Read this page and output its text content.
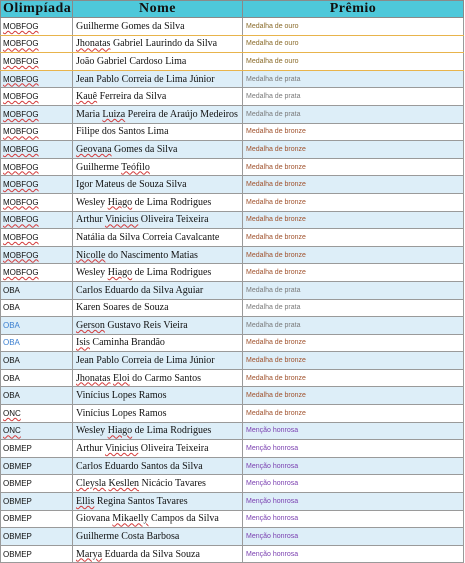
Olimpíada	Nome	Prêmio
MOBFOG	Guilherme Gomes da Silva	Medalha de ouro
MOBFOG	Jhonatas Gabriel Laurindo da Silva	Medalha de ouro
MOBFOG	João Gabriel Cardoso Lima	Medalha de ouro
MOBFOG	Jean Pablo Correia de Lima Júnior	Medalha de prata
MOBFOG	Kauê Ferreira da Silva	Medalha de prata
MOBFOG	Maria Luiza Pereira de Araújo Medeiros	Medalha de prata
MOBFOG	Filipe dos Santos Lima	Medalha de bronze
MOBFOG	Geovana Gomes da Silva	Medalha de bronze
MOBFOG	Guilherme Teófilo	Medalha de bronze
MOBFOG	Igor Mateus de Souza Silva	Medalha de bronze
MOBFOG	Wesley Hiago de Lima Rodrigues	Medalha de bronze
MOBFOG	Arthur Vinicius Oliveira Teixeira	Medalha de bronze
MOBFOG	Natália da Silva Correia Cavalcante	Medalha de bronze
MOBFOG	Nicolle do Nascimento Matias	Medalha de bronze
MOBFOG	Wesley Hiago de Lima Rodrigues	Medalha de bronze
OBA	Carlos Eduardo da Silva Aguiar	Medalha de prata
OBA	Karen Soares de Souza	Medalha de prata
OBA	Gerson Gustavo Reis Vieira	Medalha de prata
OBA	Isis Caminha Brandão	Medalha de bronze
OBA	Jean Pablo Correia de Lima Júnior	Medalha de bronze
OBA	Jhonatas Eloi do Carmo Santos	Medalha de bronze
OBA	Vinícius Lopes Ramos	Medalha de bronze
ONC	Vinícius Lopes Ramos	Medalha de bronze
ONC	Wesley Hiago de Lima Rodrigues	Menção honrosa
OBMEP	Arthur Vinicius Oliveira Teixeira	Menção honrosa
OBMEP	Carlos Eduardo Santos da Silva	Menção honrosa
OBMEP	Cleysla Kesllen Nicácio Tavares	Menção honrosa
OBMEP	Ellis Regina Santos Tavares	Menção honrosa
OBMEP	Giovana Mikaelly Campos da Silva	Menção honrosa
OBMEP	Guilherme Costa Barbosa	Menção honrosa
OBMEP	Marya Eduarda da Silva Souza	Menção honrosa
